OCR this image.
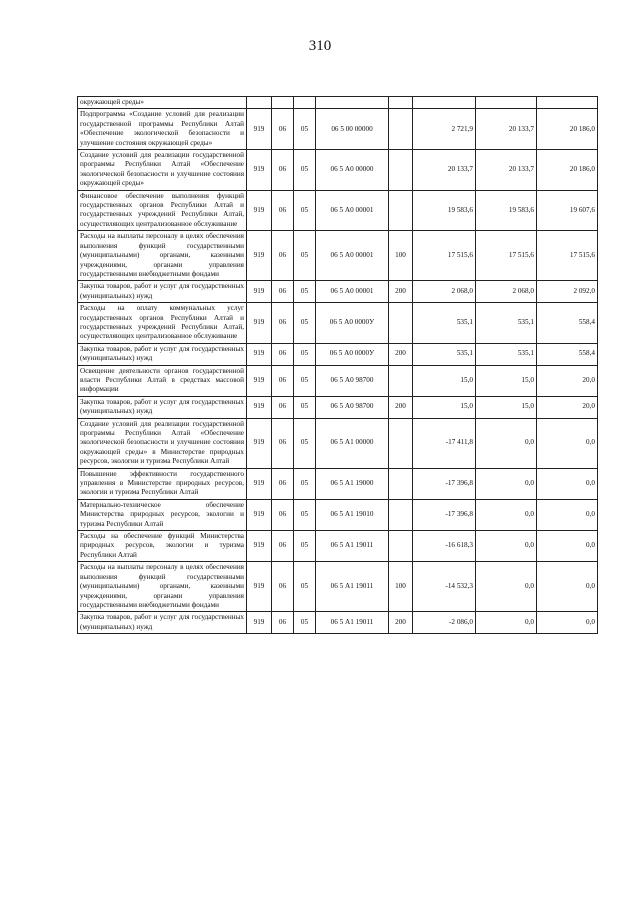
310
окружающей среды»								
Подпрограмма «Создание условий для реализации государственной программы Республики Алтай «Обеспечение экологической безопасности и улучшение состояния окружающей среды»	919	06	05	06 5 00 00000		2 721,9	20 133,7	20 186,0
Создание условий для реализации государственной программы Республики Алтай «Обеспечение экологической безопасности и улучшение состояния окружающей среды»	919	06	05	06 5 А0 00000		20 133,7	20 133,7	20 186,0
Финансовое обеспечение выполнения функций государственных органов Республики Алтай и государственных учреждений Республики Алтай, осуществляющих централизованное обслуживание	919	06	05	06 5 А0 00001		19 583,6	19 583,6	19 607,6
Расходы на выплаты персоналу в целях обеспечения выполнения функций государственными (муниципальными) органами, казенными учреждениями, органами управления государственными внебюджетными фондами	919	06	05	06 5 А0 00001	100	17 515,6	17 515,6	17 515,6
Закупка товаров, работ и услуг для государственных (муниципальных) нужд	919	06	05	06 5 А0 00001	200	2 068,0	2 068,0	2 092,0
Расходы на оплату коммунальных услуг государственных органов Республики Алтай и государственных учреждений Республики Алтай, осуществляющих централизованное обслуживание	919	06	05	06 5 А0 0000У		535,1	535,1	558,4
Закупка товаров, работ и услуг для государственных (муниципальных) нужд	919	06	05	06 5 А0 0000У	200	535,1	535,1	558,4
Освещение деятельности органов государственной власти Республики Алтай в средствах массовой информации	919	06	05	06 5 А0 98700		15,0	15,0	20,0
Закупка товаров, работ и услуг для государственных (муниципальных) нужд	919	06	05	06 5 А0 98700	200	15,0	15,0	20,0
Создание условий для реализации государственной программы Республики Алтай «Обеспечение экологической безопасности и улучшение состояния окружающей среды» в Министерстве природных ресурсов, экологии и туризма Республики Алтай	919	06	05	06 5 А1 00000		-17 411,8	0,0	0,0
Повышение эффективности государственного управления в Министерстве природных ресурсов, экологии и туризма Республики Алтай	919	06	05	06 5 А1 19000		-17 396,8	0,0	0,0
Материально-техническое обеспечение Министерства природных ресурсов, экологии и туризма Республики Алтай	919	06	05	06 5 А1 19010		-17 396,8	0,0	0,0
Расходы на обеспечение функций Министерства природных ресурсов, экологии и туризма Республики Алтай	919	06	05	06 5 А1 19011		-16 618,3	0,0	0,0
Расходы на выплаты персоналу в целях обеспечения выполнения функций государственными (муниципальными) органами, казенными учреждениями, органами управления государственными внебюджетными фондами	919	06	05	06 5 А1 19011	100	-14 532,3	0,0	0,0
Закупка товаров, работ и услуг для государственных (муниципальных) нужд	919	06	05	06 5 А1 19011	200	-2 086,0	0,0	0,0
